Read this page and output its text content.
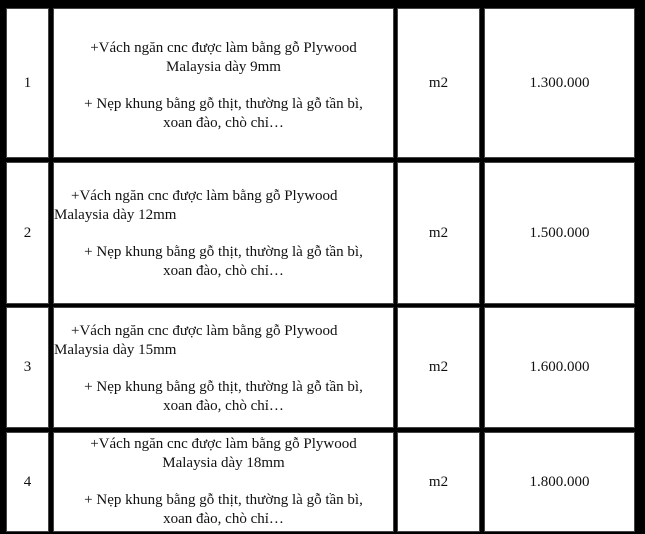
1
+Vách ngăn cnc được làm bằng gỗ Plywood
Malaysia dày 9mm
+ Nẹp khung bằng gỗ thịt, thường là gỗ tần bì,
xoan đào, chò chỉ…
m2	1.300.000
2
+Vách ngăn cnc được làm bằng gỗ Plywood
Malaysia dày 12mm
+ Nẹp khung bằng gỗ thịt, thường là gỗ tần bì,
xoan đào, chò chỉ…
m2	1.500.000
3
+Vách ngăn cnc được làm bằng gỗ Plywood
Malaysia dày 15mm
+ Nẹp khung bằng gỗ thịt, thường là gỗ tần bì,
xoan đào, chò chỉ…
m2	1.600.000
4
+Vách ngăn cnc được làm bằng gỗ Plywood
Malaysia dày 18mm
+ Nẹp khung bằng gỗ thịt, thường là gỗ tần bì,
xoan đào, chò chỉ…
m2	1.800.000
